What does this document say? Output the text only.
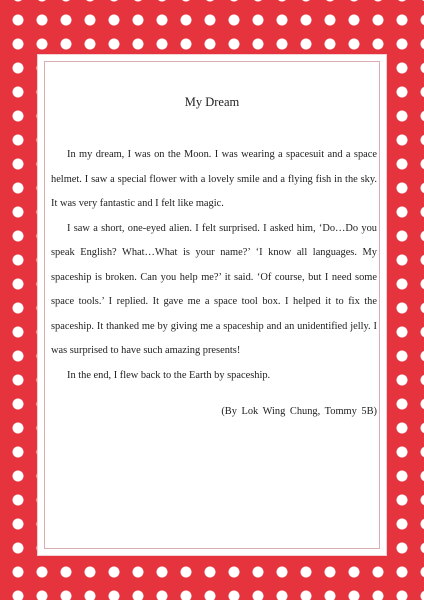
My Dream

In my dream, I was on the Moon. I was wearing a spacesuit and a space helmet. I saw a special flower with a lovely smile and a flying fish in the sky. It was very fantastic and I felt like magic.

I saw a short, one-eyed alien. I felt surprised. I asked him, ‘Do…Do you speak English? What…What is your name?’ ‘I know all languages. My spaceship is broken. Can you help me?’ it said. ‘Of course, but I need some space tools.’ I replied. It gave me a space tool box. I helped it to fix the spaceship. It thanked me by giving me a spaceship and an unidentified jelly. I was surprised to have such amazing presents!

In the end, I flew back to the Earth by spaceship.

(By Lok Wing Chung, Tommy 5B)
